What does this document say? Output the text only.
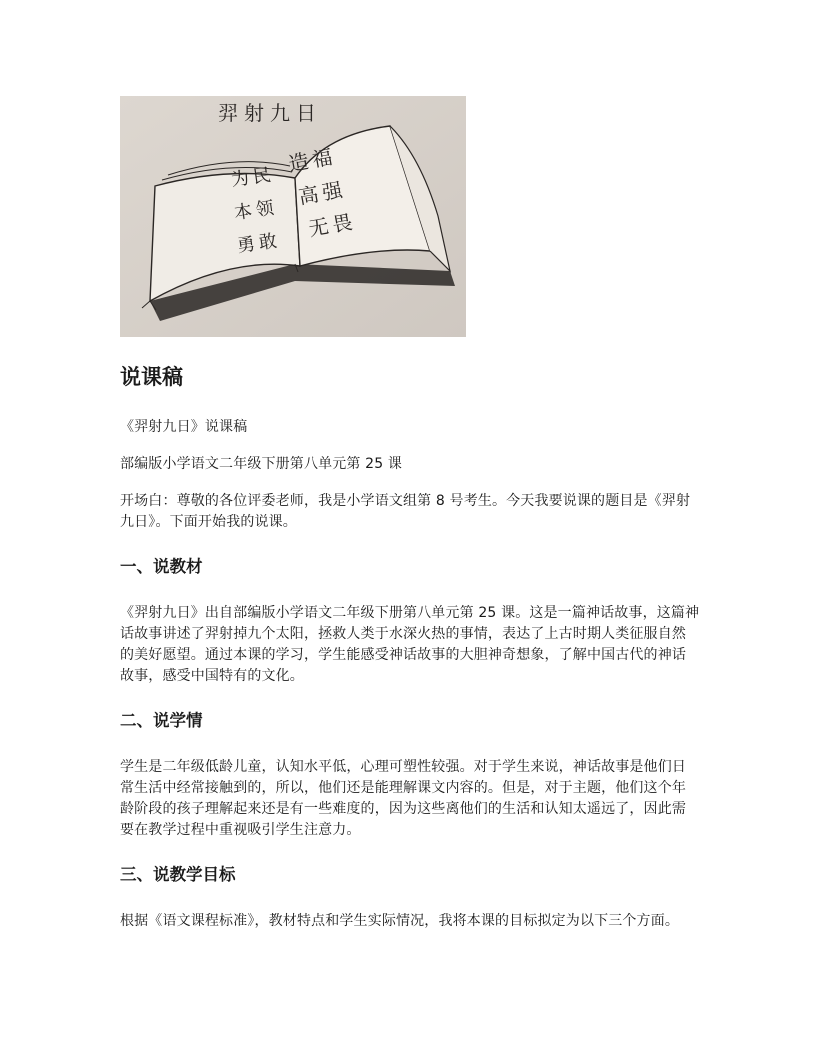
羿射九日
为民
本领
勇敢
造福
高强
无畏
说课稿

《羿射九日》说课稿

部编版小学语文二年级下册第八单元第 25 课

开场白：尊敬的各位评委老师，我是小学语文组第 8 号考生。今天我要说课的题目是《羿射九日》。下面开始我的说课。

一、说教材

《羿射九日》出自部编版小学语文二年级下册第八单元第 25 课。这是一篇神话故事，这篇神话故事讲述了羿射掉九个太阳，拯救人类于水深火热的事情，表达了上古时期人类征服自然的美好愿望。通过本课的学习，学生能感受神话故事的大胆神奇想象，了解中国古代的神话故事，感受中国特有的文化。

二、说学情

学生是二年级低龄儿童，认知水平低，心理可塑性较强。对于学生来说，神话故事是他们日常生活中经常接触到的，所以，他们还是能理解课文内容的。但是，对于主题，他们这个年龄阶段的孩子理解起来还是有一些难度的，因为这些离他们的生活和认知太遥远了，因此需要在教学过程中重视吸引学生注意力。

三、说教学目标

根据《语文课程标准》，教材特点和学生实际情况，我将本课的目标拟定为以下三个方面。
